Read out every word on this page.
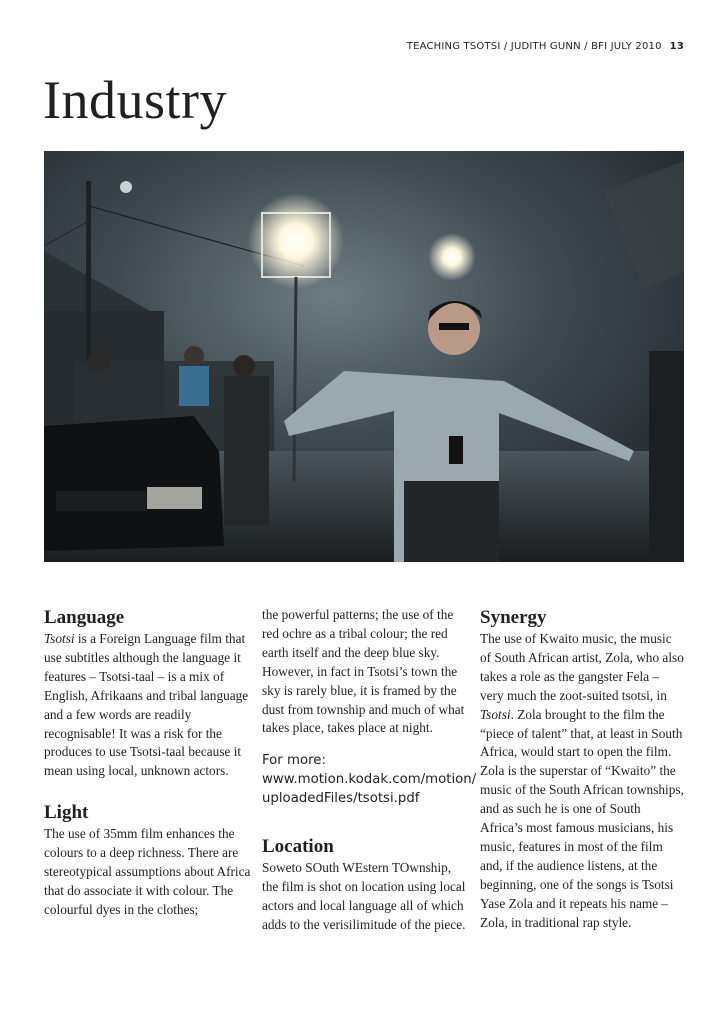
TEACHING TSOTSI / JUDITH GUNN / BFI JULY 2010 13
Industry
Language

Tsotsi is a Foreign Language film that use subtitles although the language it features – Tsotsi-taal – is a mix of English, Afrikaans and tribal language and a few words are readily recognisable! It was a risk for the produces to use Tsotsi-taal because it mean using local, unknown actors.

Light

The use of 35mm film enhances the colours to a deep richness. There are stereotypical assumptions about Africa that do associate it with colour. The colourful dyes in the clothes;

the powerful patterns; the use of the red ochre as a tribal colour; the red earth itself and the deep blue sky. However, in fact in Tsotsi’s town the sky is rarely blue, it is framed by the dust from township and much of what takes place, takes place at night.

For more:

www.motion.kodak.com/motion/

uploadedFiles/tsotsi.pdf

Location

Soweto SOuth WEstern TOwnship, the film is shot on location using local actors and local language all of which adds to the verisilimitude of the piece.

Synergy

The use of Kwaito music, the music of South African artist, Zola, who also takes a role as the gangster Fela – very much the zoot-suited tsotsi, in Tsotsi. Zola brought to the film the “piece of talent” that, at least in South Africa, would start to open the film. Zola is the superstar of “Kwaito” the music of the South African townships, and as such he is one of South Africa’s most famous musicians, his music, features in most of the film and, if the audience listens, at the beginning, one of the songs is Tsotsi Yase Zola and it repeats his name – Zola, in traditional rap style.
